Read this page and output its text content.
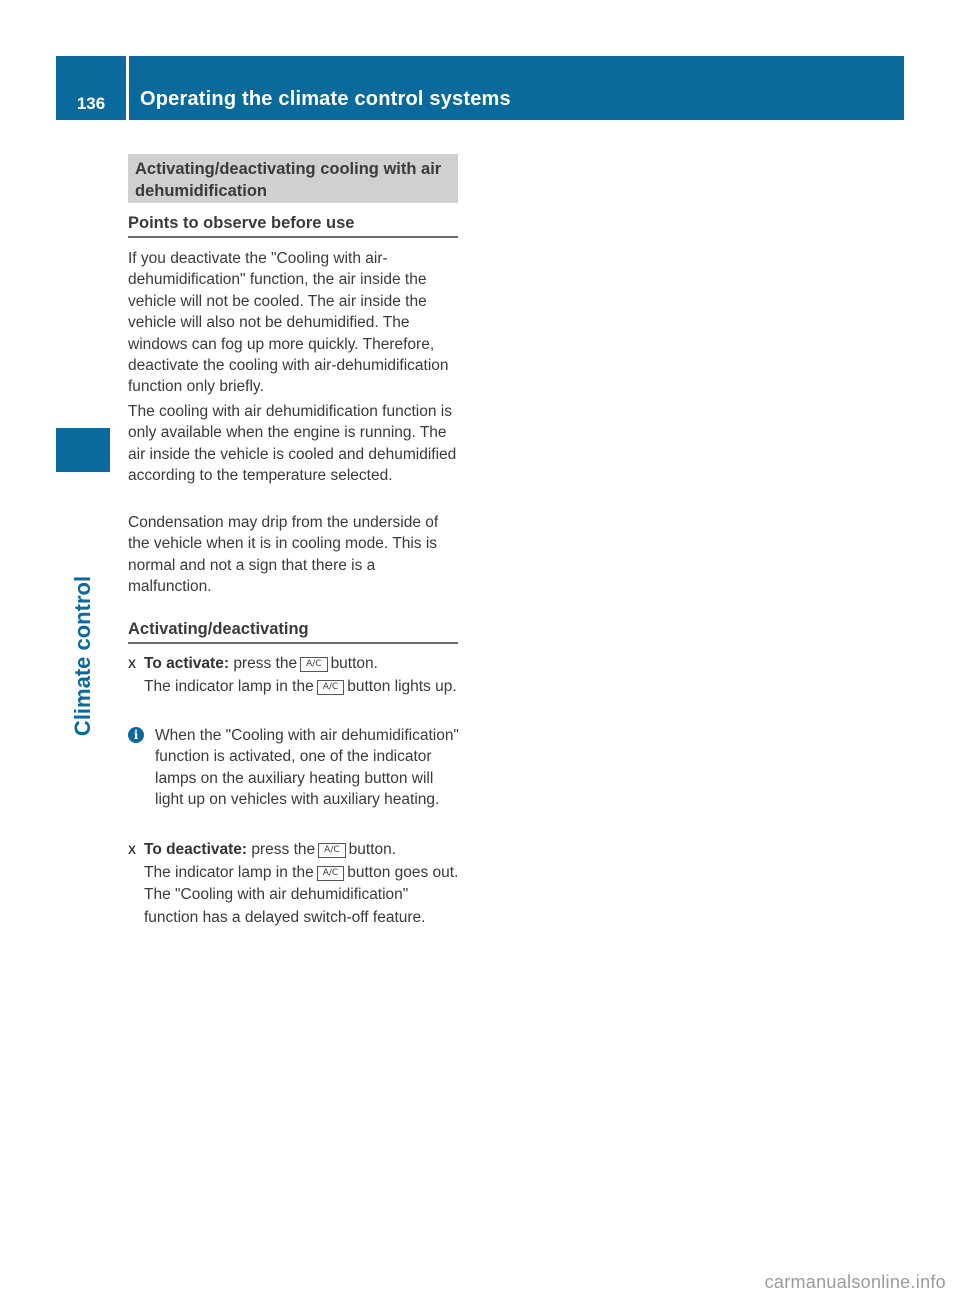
136	Operating the climate control systems
Climate control
Activating/deactivating cooling with air dehumidification
Points to observe before use
If you deactivate the "Cooling with air-dehumidification" function, the air inside the vehicle will not be cooled. The air inside the vehicle will also not be dehumidified. The windows can fog up more quickly. Therefore, deactivate the cooling with air-dehumidification function only briefly.
The cooling with air dehumidification function is only available when the engine is running. The air inside the vehicle is cooled and dehumidified according to the temperature selected.
Condensation may drip from the underside of the vehicle when it is in cooling mode. This is normal and not a sign that there is a malfunction.
Activating/deactivating
X To activate: press the A/C button.
The indicator lamp in the A/C button lights up.
i	When the "Cooling with air dehumidification" function is activated, one of the indicator lamps on the auxiliary heating button will light up on vehicles with auxiliary heating.
X To deactivate: press the A/C button.
The indicator lamp in the A/C button goes out. The "Cooling with air dehumidification" function has a delayed switch-off feature.
carmanualsonline.info
